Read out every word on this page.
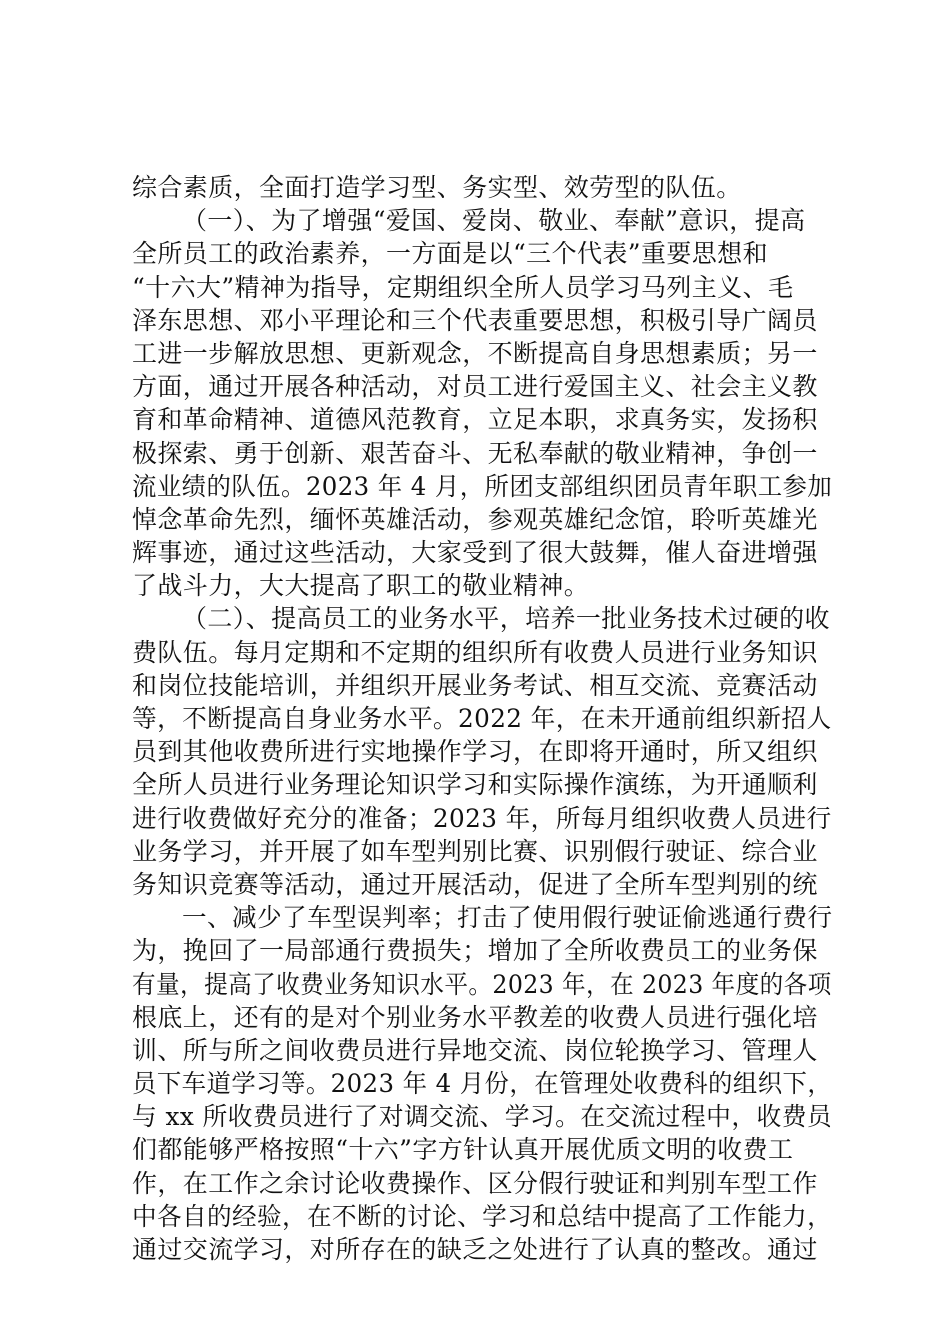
综合素质，全面打造学习型、务实型、效劳型的队伍。
（一）、为了增强“爱国、爱岗、敬业、奉献”意识，提高
全所员工的政治素养，一方面是以“三个代表”重要思想和
“十六大”精神为指导，定期组织全所人员学习马列主义、毛
泽东思想、邓小平理论和三个代表重要思想，积极引导广阔员
工进一步解放思想、更新观念，不断提高自身思想素质；另一
方面，通过开展各种活动，对员工进行爱国主义、社会主义教
育和革命精神、道德风范教育，立足本职，求真务实，发扬积
极探索、勇于创新、艰苦奋斗、无私奉献的敬业精神，争创一
流业绩的队伍。2023 年 4 月，所团支部组织团员青年职工参加
悼念革命先烈，缅怀英雄活动，参观英雄纪念馆，聆听英雄光
辉事迹，通过这些活动，大家受到了很大鼓舞，催人奋进增强
了战斗力，大大提高了职工的敬业精神。
（二）、提高员工的业务水平，培养一批业务技术过硬的收
费队伍。每月定期和不定期的组织所有收费人员进行业务知识
和岗位技能培训，并组织开展业务考试、相互交流、竞赛活动
等，不断提高自身业务水平。2022 年，在未开通前组织新招人
员到其他收费所进行实地操作学习，在即将开通时，所又组织
全所人员进行业务理论知识学习和实际操作演练，为开通顺利
进行收费做好充分的准备；2023 年，所每月组织收费人员进行
业务学习，并开展了如车型判别比赛、识别假行驶证、综合业
务知识竞赛等活动，通过开展活动，促进了全所车型判别的统
一、减少了车型误判率；打击了使用假行驶证偷逃通行费行
为，挽回了一局部通行费损失；增加了全所收费员工的业务保
有量，提高了收费业务知识水平。2023 年，在 2023 年度的各项
根底上，还有的是对个别业务水平教差的收费人员进行强化培
训、所与所之间收费员进行异地交流、岗位轮换学习、管理人
员下车道学习等。2023 年 4 月份，在管理处收费科的组织下，
与 xx 所收费员进行了对调交流、学习。在交流过程中，收费员
们都能够严格按照“十六”字方针认真开展优质文明的收费工
作，在工作之余讨论收费操作、区分假行驶证和判别车型工作
中各自的经验，在不断的讨论、学习和总结中提高了工作能力，
通过交流学习，对所存在的缺乏之处进行了认真的整改。通过
